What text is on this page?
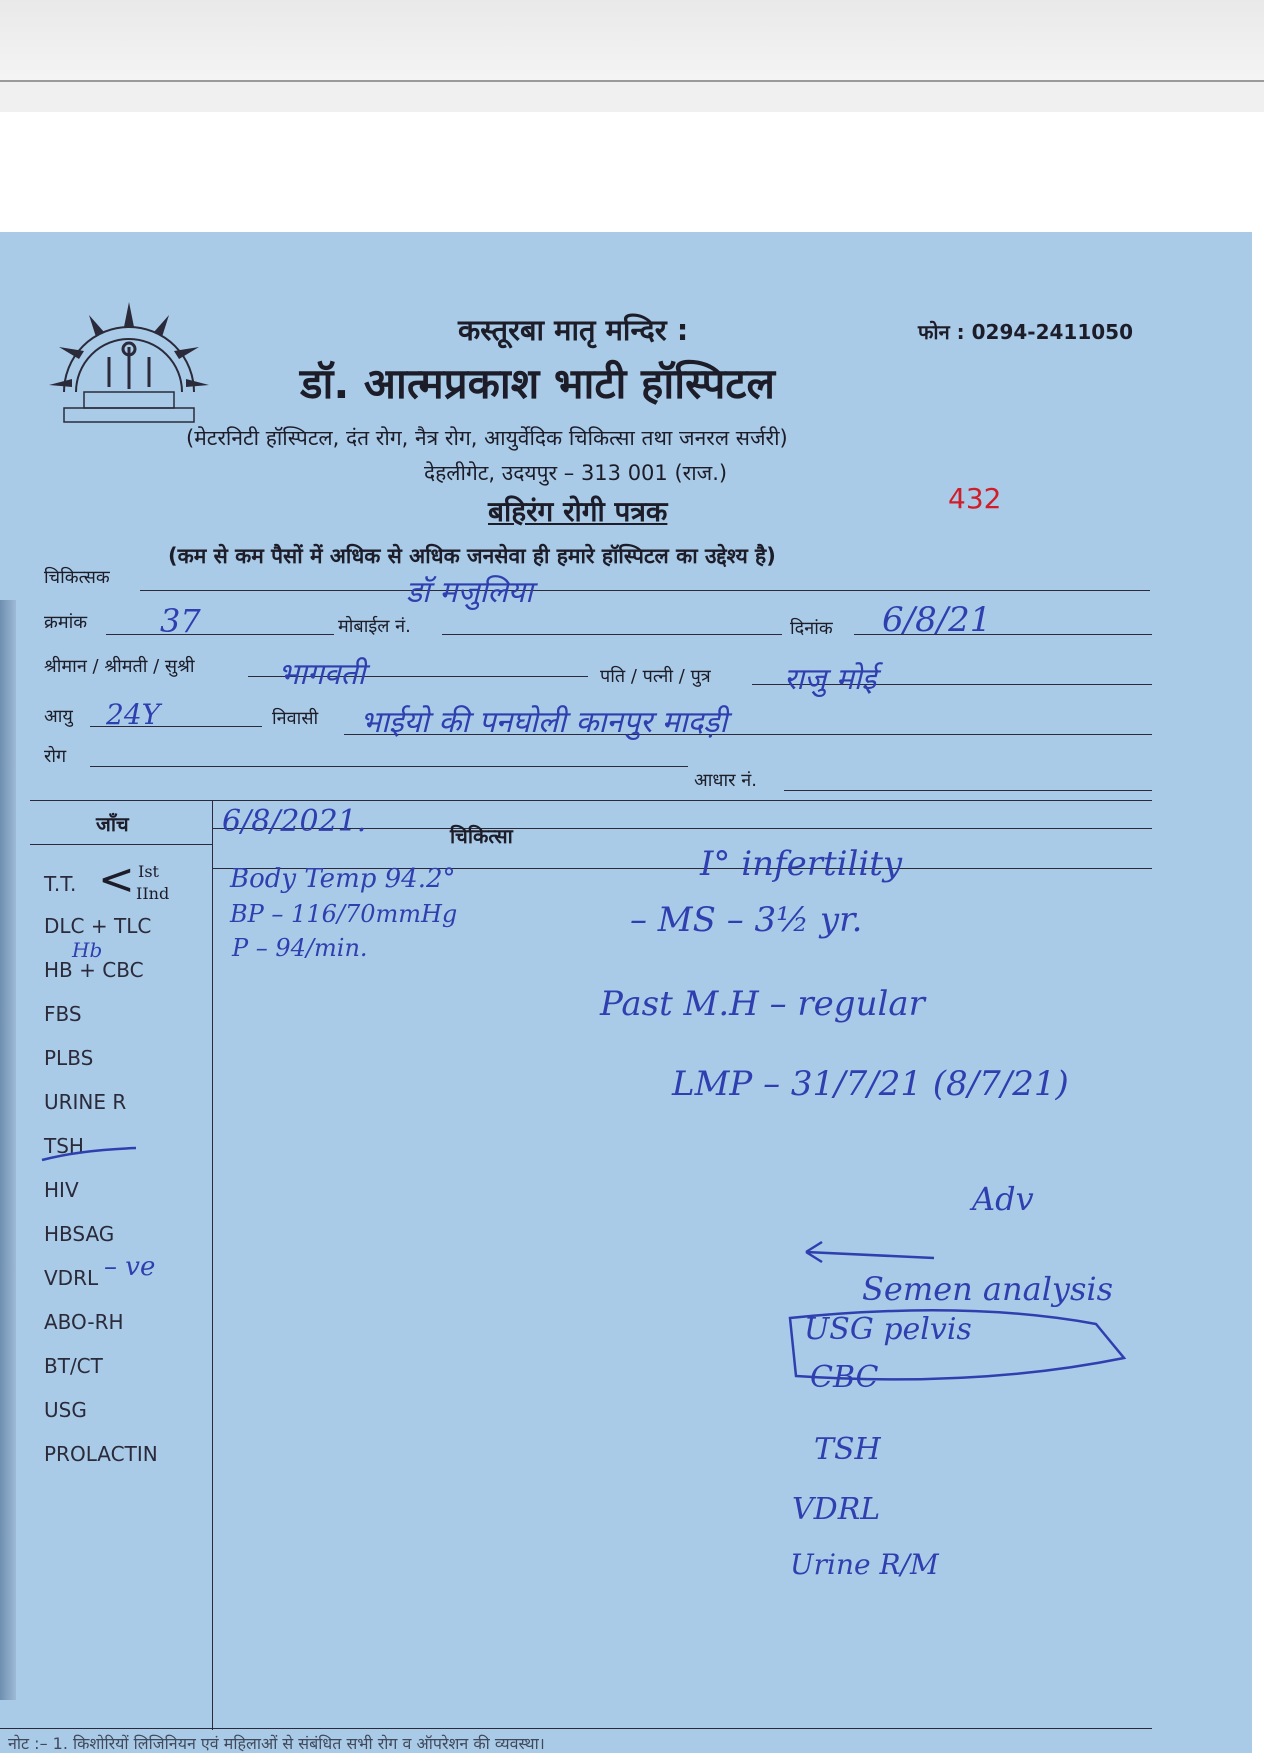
कस्तूरबा मातृ मन्दिर :	फोन : 0294-2411050
डॉ. आत्मप्रकाश भाटी हॉस्पिटल
(मेटरनिटी हॉस्पिटल, दंत रोग, नैत्र रोग, आयुर्वेदिक चिकित्सा तथा जनरल सर्जरी)
देहलीगेट, उदयपुर – 313 001 (राज.)
बहिरंग रोगी पत्रक	432
(कम से कम पैसों में अधिक से अधिक जनसेवा ही हमारे हॉस्पिटल का उद्देश्य है)
चिकित्सक	डॉ मजुलिया
क्रमांक 37	मोबाईल नं.	दिनांक 6/8/21
श्रीमान / श्रीमती / सुश्री	भागवती	पति / पत्नी / पुत्र राजु मोई
आयु 24Y	निवासी भाईयो की पनघोली कानपुर मादड़ी
रोग
आधार नं.
जाँच	6/8/2021.	चिकित्सा
T.T. < Ist
IInd
DLC + TLC
HB + CBC
FBS
PLBS
URINE R
TSH
HIV
HBSAG
VDRL
ABO-RH
BT/CT
USG
PROLACTIN
Hb
– ve
Body Temp 94.2°
BP – 116/70mmHg
P – 94/min.
I° infertility
– MS – 3½ yr.
Past M.H – regular
LMP – 31/7/21 (8/7/21)
Adv
Semen analysis
USG pelvis
CBC
TSH
VDRL
Urine R/M
नोट :– 1. किशोरियों लिजिनियन एवं महिलाओं से संबंधित सभी रोग व ऑपरेशन की व्यवस्था।
